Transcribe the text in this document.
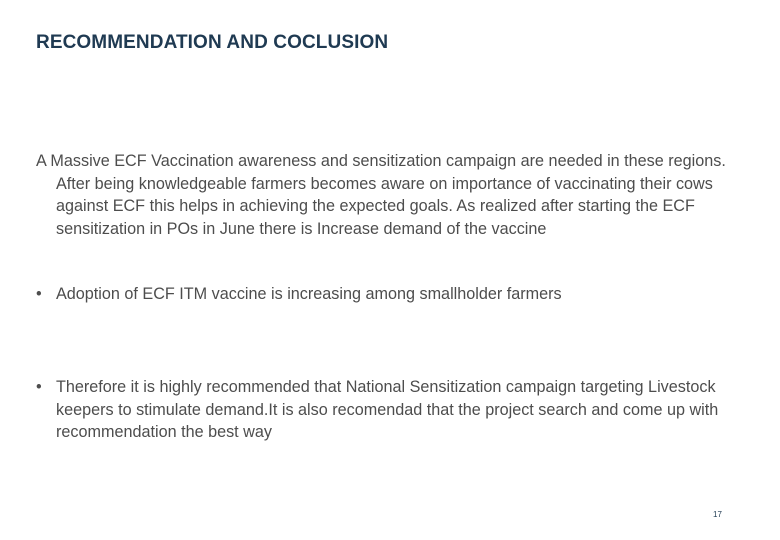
RECOMMENDATION AND COCLUSION

A Massive ECF Vaccination awareness and sensitization campaign are needed in these regions. After being knowledgeable farmers becomes aware on importance of vaccinating their cows against ECF this helps in achieving the expected goals. As realized after starting the ECF sensitization in POs in June there is Increase demand of the vaccine

• Adoption of ECF ITM vaccine is increasing among smallholder farmers

• Therefore it is highly recommended that National Sensitization campaign targeting Livestock keepers to stimulate demand.It is also recomendad that the project search and come up with recommendation the best way

17
